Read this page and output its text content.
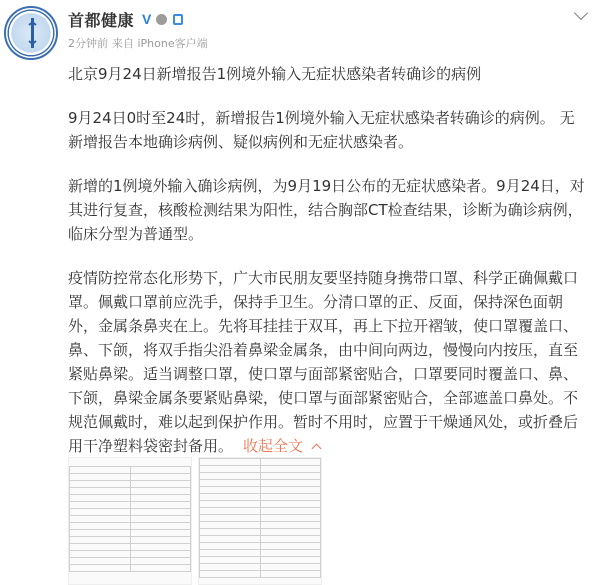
首都健康 V
2分钟前 来自 iPhone客户端
北京9月24日新增报告1例境外输入无症状感染者转确诊的病例
9月24日0时至24时，新增报告1例境外输入无症状感染者转确诊的病例。 无新增报告本地确诊病例、疑似病例和无症状感染者。
新增的1例境外输入确诊病例，为9月19日公布的无症状感染者。9月24日，对其进行复查，核酸检测结果为阳性，结合胸部CT检查结果，诊断为确诊病例，临床分型为普通型。
疫情防控常态化形势下，广大市民朋友要坚持随身携带口罩、科学正确佩戴口罩。佩戴口罩前应洗手，保持手卫生。分清口罩的正、反面，保持深色面朝外，金属条鼻夹在上。先将耳挂挂于双耳，再上下拉开褶皱，使口罩覆盖口、鼻、下颌，将双手指尖沿着鼻梁金属条，由中间向两边，慢慢向内按压，直至紧贴鼻梁。适当调整口罩，使口罩与面部紧密贴合，口罩要同时覆盖口、鼻、下颌，鼻梁金属条要紧贴鼻梁，使口罩与面部紧密贴合，全部遮盖口鼻处。不规范佩戴时，难以起到保护作用。暂时不用时，应置于干燥通风处，或折叠后用干净塑料袋密封备用。 收起全文
